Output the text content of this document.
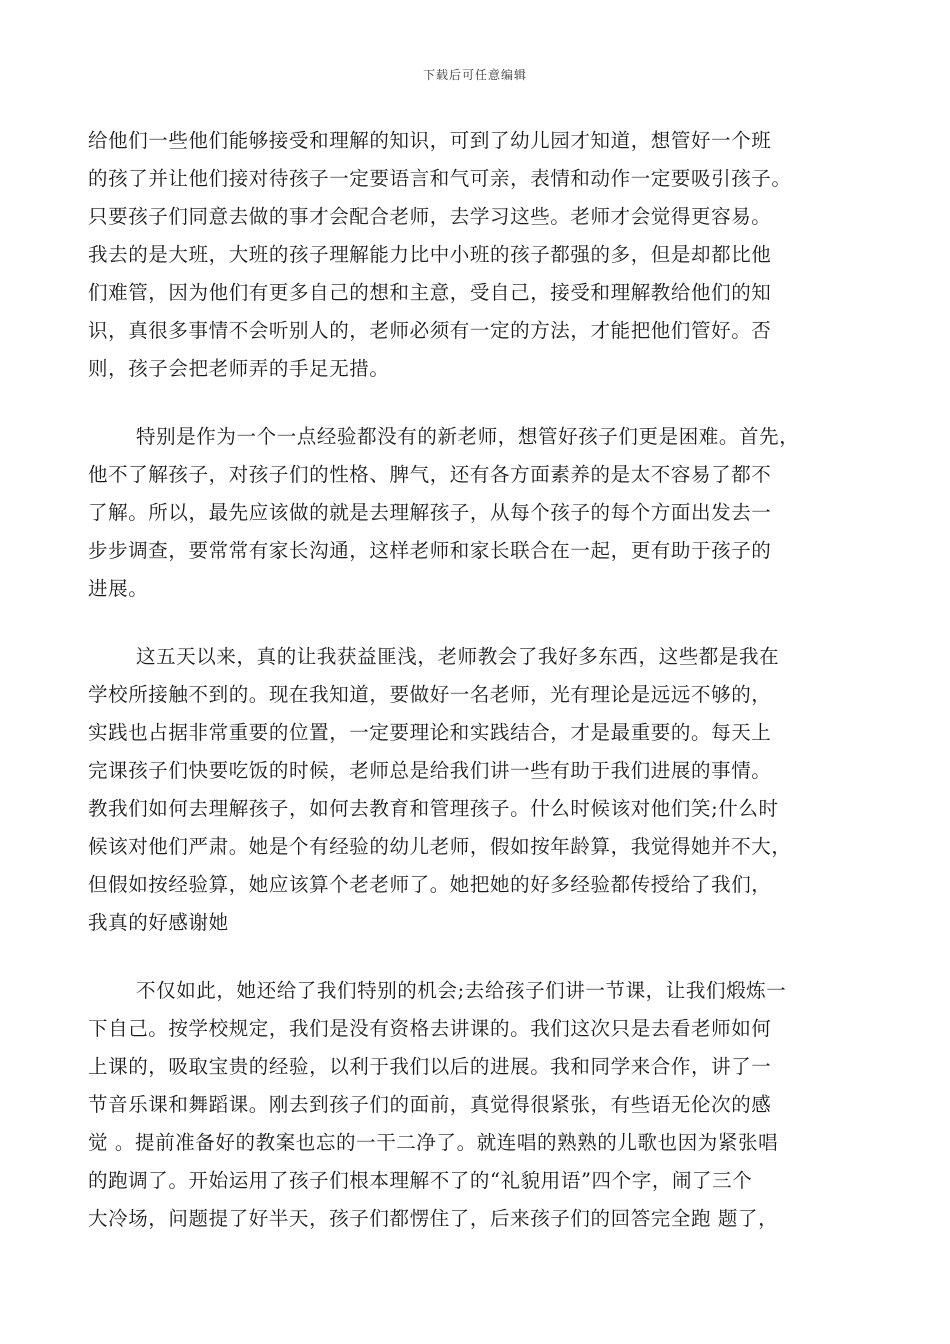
下载后可任意编辑
给他们一些他们能够接受和理解的知识，可到了幼儿园才知道，想管好一个班
的孩了并让他们接对待孩子一定要语言和气可亲，表情和动作一定要吸引孩子。
只要孩子们同意去做的事才会配合老师，去学习这些。老师才会觉得更容易。
我去的是大班，大班的孩子理解能力比中小班的孩子都强的多，但是却都比他
们难管，因为他们有更多自己的想和主意，受自己，接受和理解教给他们的知
识，真很多事情不会听别人的，老师必须有一定的方法，才能把他们管好。否
则，孩子会把老师弄的手足无措。
特别是作为一个一点经验都没有的新老师，想管好孩子们更是困难。首先，
他不了解孩子，对孩子们的性格、脾气，还有各方面素养的是太不容易了都不
了解。所以，最先应该做的就是去理解孩子，从每个孩子的每个方面出发去一
步步调查，要常常有家长沟通，这样老师和家长联合在一起，更有助于孩子的
进展。
这五天以来，真的让我获益匪浅，老师教会了我好多东西，这些都是我在
学校所接触不到的。现在我知道，要做好一名老师，光有理论是远远不够的，
实践也占据非常重要的位置，一定要理论和实践结合，才是最重要的。每天上
完课孩子们快要吃饭的时候，老师总是给我们讲一些有助于我们进展的事情。
教我们如何去理解孩子，如何去教育和管理孩子。什么时候该对他们笑;什么时
候该对他们严肃。她是个有经验的幼儿老师，假如按年龄算，我觉得她并不大，
但假如按经验算，她应该算个老老师了。她把她的好多经验都传授给了我们，
我真的好感谢她
不仅如此，她还给了我们特别的机会;去给孩子们讲一节课，让我们煅炼一
下自己。按学校规定，我们是没有资格去讲课的。我们这次只是去看老师如何
上课的，吸取宝贵的经验，以利于我们以后的进展。我和同学来合作，讲了一
节音乐课和舞蹈课。刚去到孩子们的面前，真觉得很紧张，有些语无伦次的感
觉 。提前准备好的教案也忘的一干二净了。就连唱的熟熟的儿歌也因为紧张唱
的跑调了。开始运用了孩子们根本理解不了的“礼貌用语”四个字，闹了三个
大冷场，问题提了好半天，孩子们都愣住了，后来孩子们的回答完全跑 题了，
